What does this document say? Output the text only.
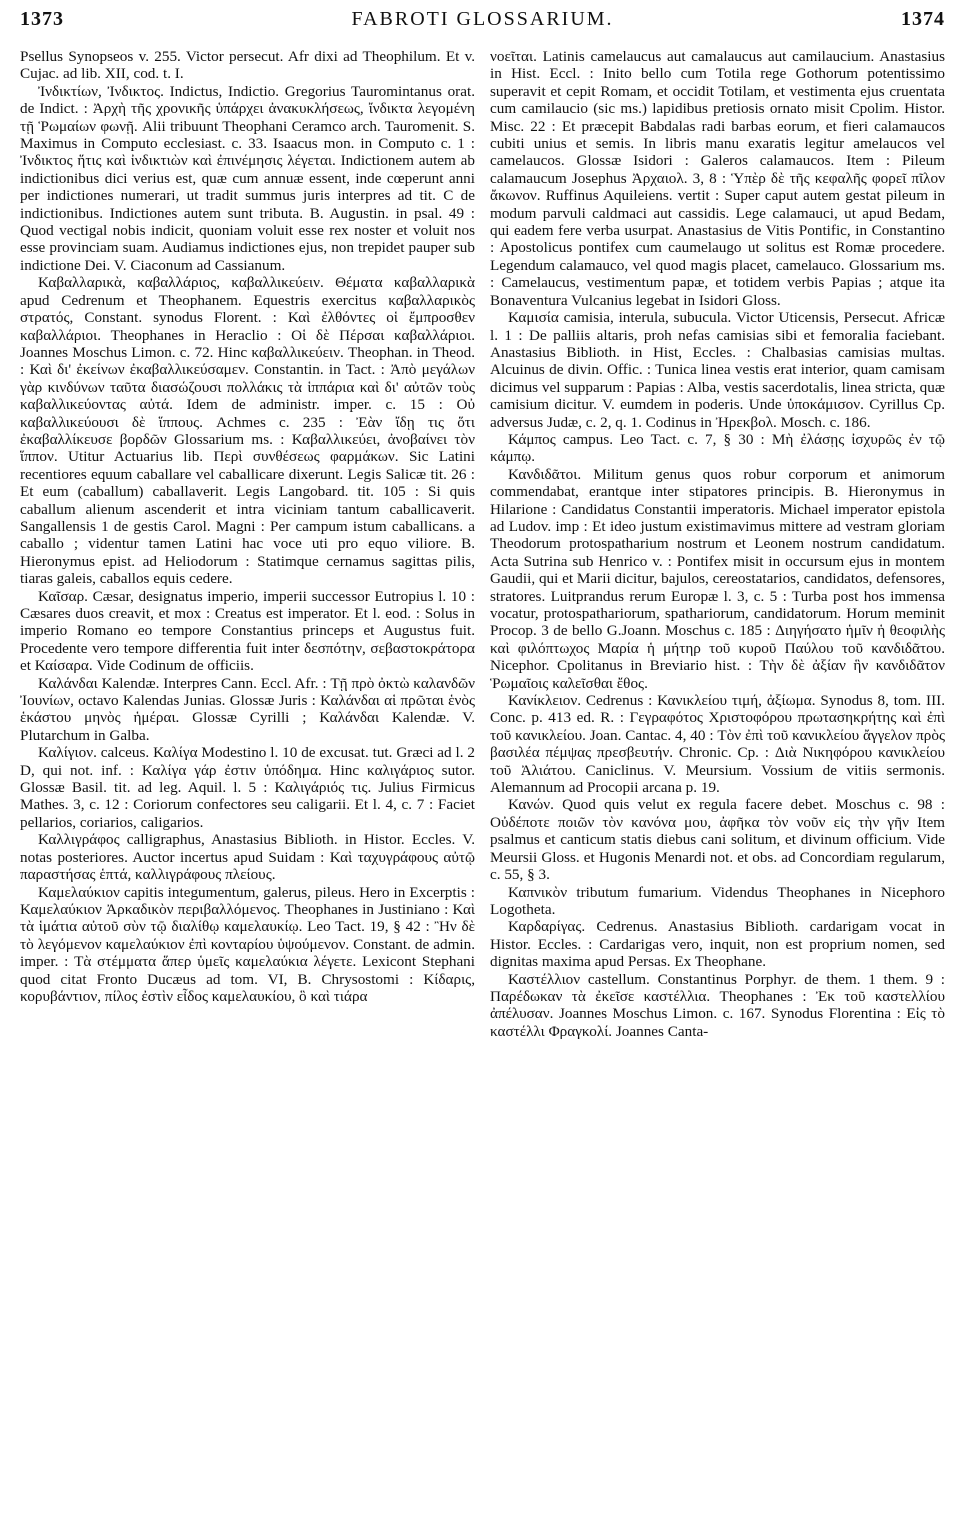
1373	FABROTI GLOSSARIUM.	1374

Psellus Synopseos v. 255. Victor persecut. Afr dixi ad Theophilum. Et v. Cujac. ad lib. XII, cod. t. I.

Ἰνδικτίων, Ἰνδικτος. Indictus, Indictio. Gregorius Tauromintanus orat. de Indict. : Ἀρχὴ τῆς χρονικῆς ὑπάρχει ἀνακυκλήσεως, ἴνδικτα λεγομένη τῇ Ῥωμαίων φωνῇ. Alii tribuunt Theophani Ceramco arch. Tauromenit. S. Maximus in Computo ecclesiast. c. 33. Isaacus mon. in Computo c. 1 : Ἰνδικτος ἥτις καὶ ἰνδικτιὼν καὶ ἐπινέμησις λέγεται. Indictionem autem ab indictionibus dici verius est, quæ cum annuæ essent, inde cœperunt anni per indictiones numerari, ut tradit summus juris interpres ad tit. C de indictionibus. Indictiones autem sunt tributa. B. Augustin. in psal. 49 : Quod vectigal nobis indicit, quoniam voluit esse rex noster et voluit nos esse provinciam suam. Audiamus indictiones ejus, non trepidet pauper sub indictione Dei. V. Ciaconum ad Cassianum.

Καβαλλαρικὰ, καβαλλάριος, καβαλλικεύειν. Θέματα καβαλλαρικὰ apud Cedrenum et Theophanem. Equestris exercitus καβαλλαρικὸς στρατός, Constant. synodus Florent. : Καὶ ἐλθόντες οἱ ἔμπροσθεν καβαλλάριοι. Theophanes in Heraclio : Οἱ δὲ Πέρσαι καβαλλάριοι. Joannes Moschus Limon. c. 72. Hinc καβαλλικεύειν. Theophan. in Theod. : Καὶ δι' ἐκείνων ἐκαβαλλικεύσαμεν. Constantin. in Tact. : Ἀπὸ μεγάλων γὰρ κινδύνων ταῦτα διασώζουσι πολλάκις τὰ ἱππάρια καὶ δι' αὐτῶν τοὺς καβαλλικεύοντας αὐτά. Idem de administr. imper. c. 15 : Οὐ καβαλλικεύουσι δὲ ἵππους. Achmes c. 235 : Ἐὰν ἴδῃ τις ὅτι ἐκαβαλλίκευσε βορδῶν Glossarium ms. : Καβαλλικεύει, ἀνοβαίνει τὸν ἵππον. Utitur Actuarius lib. Περὶ συνθέσεως φαρμάκων. Sic Latini recentiores equum caballare vel caballicare dixerunt. Legis Salicæ tit. 26 : Et eum (caballum) caballaverit. Legis Langobard. tit. 105 : Si quis caballum alienum ascenderit et intra viciniam tantum caballicaverit. Sangallensis 1 de gestis Carol. Magni : Per campum istum caballicans. a caballo ; videntur tamen Latini hac voce uti pro equo viliore. B. Hieronymus epist. ad Heliodorum : Statimque cernamus sagittas pilis, tiaras galeis, caballos equis cedere.

Καῖσαρ. Cæsar, designatus imperio, imperii successor Eutropius l. 10 : Cæsares duos creavit, et mox : Creatus est imperator. Et l. eod. : Solus in imperio Romano eo tempore Constantius princeps et Augustus fuit. Procedente vero tempore differentia fuit inter δεσπότην, σεβαστοκράτορα et Καίσαρα. Vide Codinum de officiis.

Καλάνδαι Kalendæ. Interpres Cann. Eccl. Afr. : Τῇ πρὸ ὀκτὼ καλανδῶν Ἰουνίων, octavo Kalendas Junias. Glossæ Juris : Καλάνδαι αἱ πρῶται ἑνὸς ἑκάστου μηνὸς ἡμέραι. Glossæ Cyrilli ; Καλάνδαι Kalendæ. V. Plutarchum in Galba.

Καλίγιον. calceus. Καλίγα Modestino l. 10 de excusat. tut. Græci ad l. 2 D, qui not. inf. : Καλίγα γάρ ἐστιν ὑπόδημα. Hinc καλιγάριος sutor. Glossæ Basil. tit. ad leg. Aquil. l. 5 : Καλιγάριός τις. Julius Firmicus Mathes. 3, c. 12 : Coriorum confectores seu caligarii. Et l. 4, c. 7 : Faciet pellarios, coriarios, caligarios.

Καλλιγράφος calligraphus, Anastasius Biblioth. in Histor. Eccles. V. notas posteriores. Auctor incertus apud Suidam : Καὶ ταχυγράφους αὐτῷ παραστήσας ἑπτά, καλλιγράφους πλείους.

Καμελαύκιον capitis integumentum, galerus, pileus. Hero in Excerptis : Καμελαύκιον Ἀρκαδικὸν περιβαλλόμενος. Theophanes in Justiniano : Καὶ τὰ ἱμάτια αὐτοῦ σὺν τῷ διαλίθῳ καμελαυκίῳ. Leo Tact. 19, § 42 : Ἢν δὲ τὸ λεγόμενον καμελαύκιον ἐπὶ κονταρίου ὑψούμενον. Constant. de admin. imper. : Τὰ στέμματα ἅπερ ὑμεῖς καμελαύκια λέγετε. Lexicont Stephani quod citat Fronto Ducæus ad tom. VI, B. Chrysostomi : Κίδαρις, κορυβάντιον, πίλος ἐστὶν εἶδος καμελαυκίου, ὃ καὶ τιάρα

νοεῖται. Latinis camelaucus aut camalaucus aut camilaucium. Anastasius in Hist. Eccl. : Inito bello cum Totila rege Gothorum potentissimo superavit et cepit Romam, et occidit Totilam, et vestimenta ejus cruentata cum camilaucio (sic ms.) lapidibus pretiosis ornato misit Cpolim. Histor. Misc. 22 : Et præcepit Babdalas radi barbas eorum, et fieri calamaucos cubiti unius et semis. In libris manu exaratis legitur amelaucos vel camelaucos. Glossæ Isidori : Galeros calamaucos. Item : Pileum calamaucum Josephus Ἀρχαιολ. 3, 8 : Ὑπὲρ δὲ τῆς κεφαλῆς φορεῖ πῖλον ἄκωνον. Ruffinus Aquileiens. vertit : Super caput autem gestat pileum in modum parvuli caldmaci aut cassidis. Lege calamauci, ut apud Bedam, qui eadem fere verba usurpat. Anastasius de Vitis Pontific, in Constantino : Apostolicus pontifex cum caumelaugo ut solitus est Romæ procedere. Legendum calamauco, vel quod magis placet, camelauco. Glossarium ms. : Camelaucus, vestimentum papæ, et totidem verbis Papias ; atque ita Bonaventura Vulcanius legebat in Isidori Gloss.

Καμισία camisia, interula, subucula. Victor Uticensis, Persecut. Africæ l. 1 : De palliis altaris, proh nefas camisias sibi et femoralia faciebant. Anastasius Biblioth. in Hist, Eccles. : Chalbasias camisias multas. Alcuinus de divin. Offic. : Tunica linea vestis erat interior, quam camisam dicimus vel supparum : Papias : Alba, vestis sacerdotalis, linea stricta, quæ camisium dicitur. V. eumdem in poderis. Unde ὑποκάμισον. Cyrillus Cp. adversus Judæ, c. 2, q. 1. Codinus in Ἠρεκβολ. Mosch. c. 186.

Κάμπος campus. Leo Tact. c. 7, § 30 : Μὴ ἐλάσῃς ἰσχυρῶς ἐν τῷ κάμπῳ.

Κανδιδᾶτοι. Militum genus quos robur corporum et animorum commendabat, erantque inter stipatores principis. B. Hieronymus in Hilarione : Candidatus Constantii imperatoris. Michael imperator epistola ad Ludov. imp : Et ideo justum existimavimus mittere ad vestram gloriam Theodorum protospatharium nostrum et Leonem nostrum candidatum. Acta Sutrina sub Henrico v. : Pontifex misit in occursum ejus in montem Gaudii, qui et Marii dicitur, bajulos, cereostatarios, candidatos, defensores, stratores. Luitprandus rerum Europæ l. 3, c. 5 : Turba post hos immensa vocatur, protospathariorum, spathariorum, candidatorum. Horum meminit Procop. 3 de bello G.Joann. Moschus c. 185 : Διηγήσατο ἡμῖν ἡ θεοφιλὴς καὶ φιλόπτωχος Μαρία ἡ μήτηρ τοῦ κυροῦ Παύλου τοῦ κανδιδᾶτου. Nicephor. Cpolitanus in Breviario hist. : Τὴν δὲ ἀξίαν ἣν κανδιδᾶτον Ῥωμαῖοις καλεῖσθαι ἔθος.

Κανίκλειον. Cedrenus : Κανικλείου τιμή, ἀξίωμα. Synodus 8, tom. III. Conc. p. 413 ed. R. : Γεγραφότος Χριστοφόρου πρωτασηκρήτης καὶ ἐπὶ τοῦ κανικλείου. Joan. Cantac. 4, 40 : Τὸν ἐπὶ τοῦ κανικλείου ἄγγελον πρὸς βασιλέα πέμψας πρεσβευτήν. Chronic. Cp. : Διὰ Νικηφόρου κανικλείου τοῦ Ἀλιάτου. Caniclinus. V. Meursium. Vossium de vitiis sermonis. Alemannum ad Procopii arcana p. 19.

Κανών. Quod quis velut ex regula facere debet. Moschus c. 98 : Οὐδέποτε ποιῶν τὸν κανόνα μου, ἀφῆκα τὸν νοῦν εἰς τὴν γῆν Item psalmus et canticum statis diebus cani solitum, et divinum officium. Vide Meursii Gloss. et Hugonis Menardi not. et obs. ad Concordiam regularum, c. 55, § 3.

Καπνικὸν tributum fumarium. Videndus Theophanes in Nicephoro Logotheta.

Καρδαρίγας. Cedrenus. Anastasius Biblioth. cardarigam vocat in Histor. Eccles. : Cardarigas vero, inquit, non est proprium nomen, sed dignitas maxima apud Persas. Ex Theophane.

Καστέλλιον castellum. Constantinus Porphyr. de them. 1 them. 9 : Παρέδωκαν τὰ ἐκεῖσε καστέλλια. Theophanes : Ἐκ τοῦ καστελλίου ἀπέλυσαν. Joannes Moschus Limon. c. 167. Synodus Florentina : Εἰς τὸ καστέλλι Φραγκολί. Joannes Canta-
